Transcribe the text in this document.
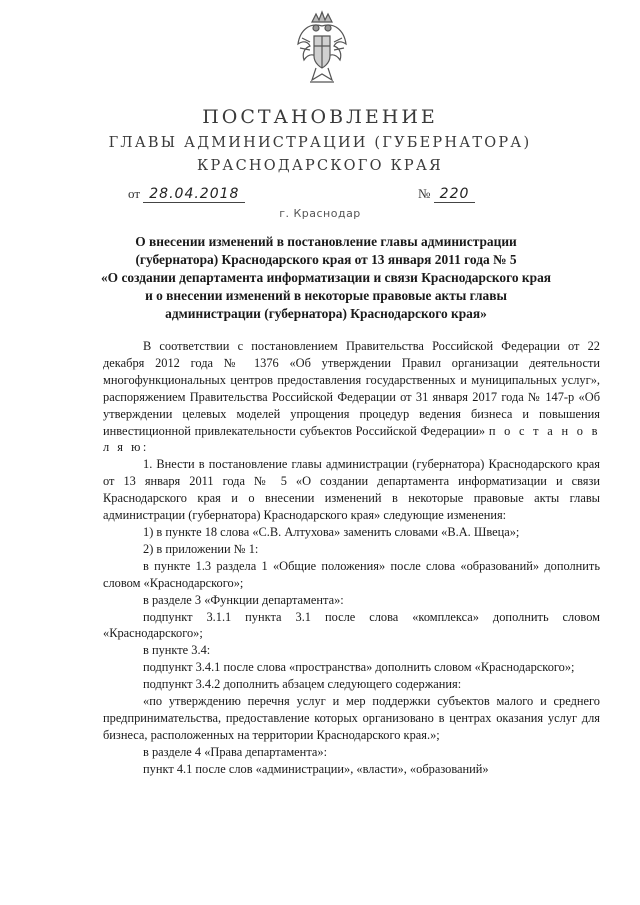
ПОСТАНОВЛЕНИЕ
ГЛАВЫ АДМИНИСТРАЦИИ (ГУБЕРНАТОРА)
КРАСНОДАРСКОГО КРАЯ
от 28.04.2018	№ 220
г. Краснодар
О внесении изменений в постановление главы администрации
(губернатора) Краснодарского края от 13 января 2011 года № 5
«О создании департамента информатизации и связи Краснодарского края
и о внесении изменений в некоторые правовые акты главы
администрации (губернатора) Краснодарского края»
В соответствии с постановлением Правительства Российской Федерации от 22 декабря 2012 года № 1376 «Об утверждении Правил организации деятельности многофункциональных центров предоставления государственных и муниципальных услуг», распоряжением Правительства Российской Федерации от 31 января 2017 года № 147-р «Об утверждении целевых моделей упрощения процедур ведения бизнеса и повышения инвестиционной привлекательности субъектов Российской Федерации» п о с т а н о в л я ю:
1. Внести в постановление главы администрации (губернатора) Краснодарского края от 13 января 2011 года № 5 «О создании департамента информатизации и связи Краснодарского края и о внесении изменений в некоторые правовые акты главы администрации (губернатора) Краснодарского края» следующие изменения:
1) в пункте 18 слова «С.В. Алтухова» заменить словами «В.А. Швеца»;
2) в приложении № 1:
в пункте 1.3 раздела 1 «Общие положения» после слова «образований» дополнить словом «Краснодарского»;
в разделе 3 «Функции департамента»:
подпункт 3.1.1 пункта 3.1 после слова «комплекса» дополнить словом «Краснодарского»;
в пункте 3.4:
подпункт 3.4.1 после слова «пространства» дополнить словом «Краснодарского»;
подпункт 3.4.2 дополнить абзацем следующего содержания:
«по утверждению перечня услуг и мер поддержки субъектов малого и среднего предпринимательства, предоставление которых организовано в центрах оказания услуг для бизнеса, расположенных на территории Краснодарского края.»;
в разделе 4 «Права департамента»:
пункт 4.1 после слов «администрации», «власти», «образований»
